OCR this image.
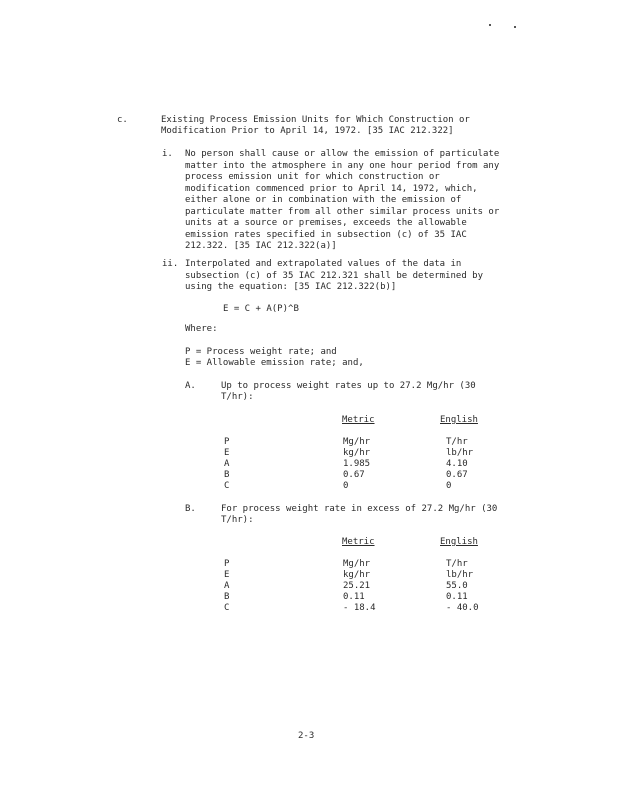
c.	Existing Process Emission Units for Which Construction or
Modification Prior to April 14, 1972. [35 IAC 212.322]
i. No person shall cause or allow the emission of particulate
matter into the atmosphere in any one hour period from any
process emission unit for which construction or
modification commenced prior to April 14, 1972, which,
either alone or in combination with the emission of
particulate matter from all other similar process units or
units at a source or premises, exceeds the allowable
emission rates specified in subsection (c) of 35 IAC
212.322. [35 IAC 212.322(a)]
ii. Interpolated and extrapolated values of the data in
subsection (c) of 35 IAC 212.321 shall be determined by
using the equation: [35 IAC 212.322(b)]
E = C + A(P)^B
Where:
P = Process weight rate; and
E = Allowable emission rate; and,
A.	Up to process weight rates up to 27.2 Mg/hr (30
T/hr):
Metric	English
P	Mg/hr	T/hr
E	kg/hr	lb/hr
A	1.985	4.10
B	0.67	0.67
C	0	0
B.	For process weight rate in excess of 27.2 Mg/hr (30
T/hr):
Metric	English
P	Mg/hr	T/hr
E	kg/hr	lb/hr
A	25.21	55.0
B	0.11	0.11
C	- 18.4	- 40.0
2-3
